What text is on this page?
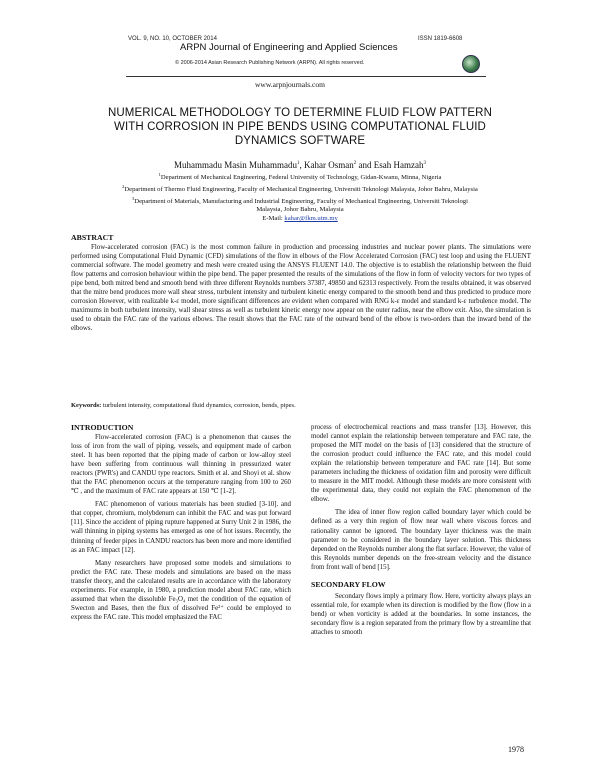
VOL. 9, NO. 10, OCTOBER 2014	ISSN 1819-6608
ARPN Journal of Engineering and Applied Sciences
© 2006-2014 Asian Research Publishing Network (ARPN). All rights reserved.
www.arpnjournals.com
NUMERICAL METHODOLOGY TO DETERMINE FLUID FLOW PATTERN
WITH CORROSION IN PIPE BENDS USING COMPUTATIONAL FLUID
DYNAMICS SOFTWARE
Muhammadu Masin Muhammadu$^1$, Kahar Osman$^2$ and Esah Hamzah$^3$
$^1$Department of Mechanical Engineering, Federal University of Technology, Gidan-Kwanu, Minna, Nigeria
$^2$Department of Thermo Fluid Engineering, Faculty of Mechanical Engineering, Universiti Teknologi Malaysia, Johor Bahru, Malaysia
$^3$Department of Materials, Manufacturing and Industrial Engineering, Faculty of Mechanical Engineering, Universiti Teknologi
Malaysia, Johor Bahru, Malaysia
E-Mail: kahar@fkm.utm.my
ABSTRACT

Flow-accelerated corrosion (FAC) is the most common failure in production and processing industries and nuclear power plants. The simulations were performed using Computational Fluid Dynamic (CFD) simulations of the flow in elbows of the Flow Accelerated Corrosion (FAC) test loop and using the FLUENT commercial software. The model geometry and mesh were created using the ANSYS FLUENT 14.0. The objective is to establish the relationship between the fluid flow patterns and corrosion behaviour within the pipe bend. The paper presented the results of the simulations of the flow in form of velocity vectors for two types of pipe bend, both mitred bend and smooth bend with three different Reynolds numbers 37387, 49850 and 62313 respectively. From the results obtained, it was observed that the mitre bend produces more wall shear stress, turbulent intensity and turbulent kinetic energy compared to the smooth bend and thus predicted to produce more corrosion However, with realizable k-ε model, more significant differences are evident when compared with RNG k-ε model and standard k-ε turbulence model. The maximums in both turbulent intensity, wall shear stress as well as turbulent kinetic energy now appear on the outer radius, near the elbow exit. Also, the simulation is used to obtain the FAC rate of the various elbows. The result shows that the FAC rate of the outward bend of the elbow is two-orders than the inward bend of the elbows.

Keywords: turbulent intensity, computational fluid dynamics, corrosion, bends, pipes.
INTRODUCTION

Flow-accelerated corrosion (FAC) is a phenomenon that causes the loss of iron from the wall of piping, vessels, and equipment made of carbon steel. It has been reported that the piping made of carbon or low-alloy steel have been suffering from continuous wall thinning in pressurized water reactors (PWR's) and CANDU type reactors. Smith et al. and Shoyi et al. show that the FAC phenomenon occurs at the temperature ranging from 100 to 260 ℃ , and the maximum of FAC rate appears at 150 ℃ [1-2].

FAC phenomenon of various materials has been studied [3-10]. and that copper, chromium, molybdenum can inhibit the FAC and was put forward [11]. Since the accident of piping rupture happened at Surry Unit 2 in 1986, the wall thinning in piping systems has emerged as one of hot issues. Recently, the thinning of feeder pipes in CANDU reactors has been more and more identified as an FAC impact [12].

Many researchers have proposed some models and simulations to predict the FAC rate. These models and simulations are based on the mass transfer theory, and the calculated results are in accordance with the laboratory experiments. For example, in 1980, a prediction model about FAC rate, which assumed that when the dissoluble Fe₃O₄ met the condition of the equation of Swecton and Bases, then the flux of dissolved Fe²⁺ could be employed to express the FAC rate. This model emphasized the FAC

process of electrochemical reactions and mass transfer [13]. However, this model cannot explain the relationship between temperature and FAC rate, the proposed the MIT model on the basis of [13] considered that the structure of the corrosion product could influence the FAC rate, and this model could explain the relationship between temperature and FAC rate [14]. But some parameters including the thickness of oxidation film and porosity were difficult to measure in the MIT model. Although these models are more consistent with the experimental data, they could not explain the FAC phenomenon of the elbow.

The idea of inner flow region called boundary layer which could be defined as a very thin region of flow near wall where viscous forces and rationality cannot be ignored. The boundary layer thickness was the main parameter to be considered in the boundary layer solution. This thickness depended on the Reynolds number along the flat surface. However, the value of this Reynolds number depends on the free-stream velocity and the distance from front wall of bend [15].

SECONDARY FLOW

Secondary flows imply a primary flow. Here, vorticity always plays an essential role, for example when its direction is modified by the flow (flow in a bend) or when vorticity is added at the boundaries. In some instances, the secondary flow is a region separated from the primary flow by a streamline that attaches to smooth

1978
